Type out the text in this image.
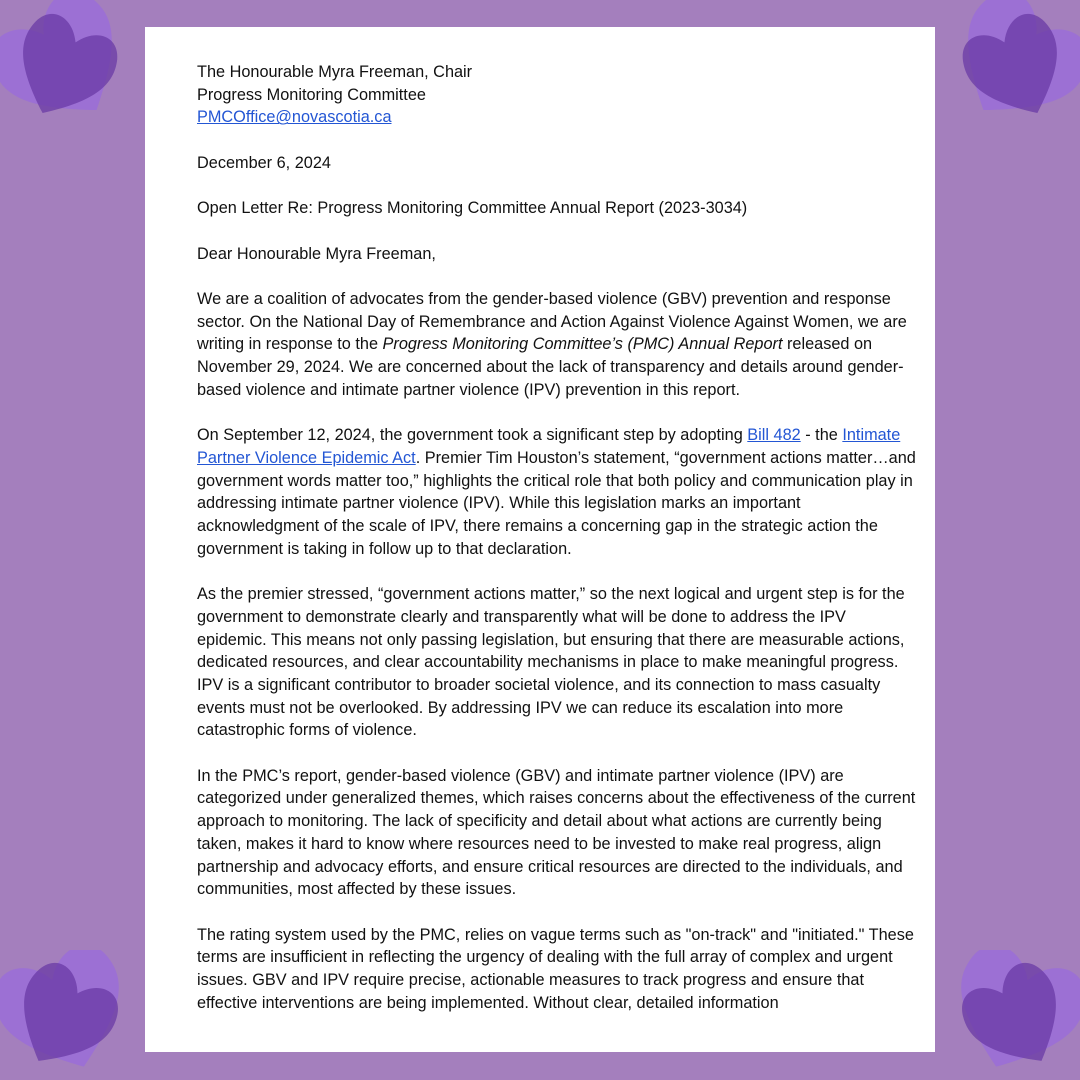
The Honourable Myra Freeman, Chair
Progress Monitoring Committee
PMCOffice@novascotia.ca

December 6, 2024

Open Letter Re: Progress Monitoring Committee Annual Report (2023-3034)

Dear Honourable Myra Freeman,

We are a coalition of advocates from the gender-based violence (GBV) prevention and response sector. On the National Day of Remembrance and Action Against Violence Against Women, we are writing in response to the Progress Monitoring Committee’s (PMC) Annual Report released on November 29, 2024. We are concerned about the lack of transparency and details around gender-based violence and intimate partner violence (IPV) prevention in this report.

On September 12, 2024, the government took a significant step by adopting Bill 482 - the Intimate Partner Violence Epidemic Act. Premier Tim Houston’s statement, “government actions matter…and government words matter too,” highlights the critical role that both policy and communication play in addressing intimate partner violence (IPV). While this legislation marks an important acknowledgment of the scale of IPV, there remains a concerning gap in the strategic action the government is taking in follow up to that declaration.

As the premier stressed, “government actions matter,” so the next logical and urgent step is for the government to demonstrate clearly and transparently what will be done to address the IPV epidemic. This means not only passing legislation, but ensuring that there are measurable actions, dedicated resources, and clear accountability mechanisms in place to make meaningful progress. IPV is a significant contributor to broader societal violence, and its connection to mass casualty events must not be overlooked. By addressing IPV we can reduce its escalation into more catastrophic forms of violence.

In the PMC’s report, gender-based violence (GBV) and intimate partner violence (IPV) are categorized under generalized themes, which raises concerns about the effectiveness of the current approach to monitoring. The lack of specificity and detail about what actions are currently being taken, makes it hard to know where resources need to be invested to make real progress, align partnership and advocacy efforts, and ensure critical resources are directed to the individuals, and communities, most affected by these issues.

The rating system used by the PMC, relies on vague terms such as "on-track" and "initiated." These terms are insufficient in reflecting the urgency of dealing with the full array of complex and urgent issues. GBV and IPV require precise, actionable measures to track progress and ensure that effective interventions are being implemented. Without clear, detailed information
